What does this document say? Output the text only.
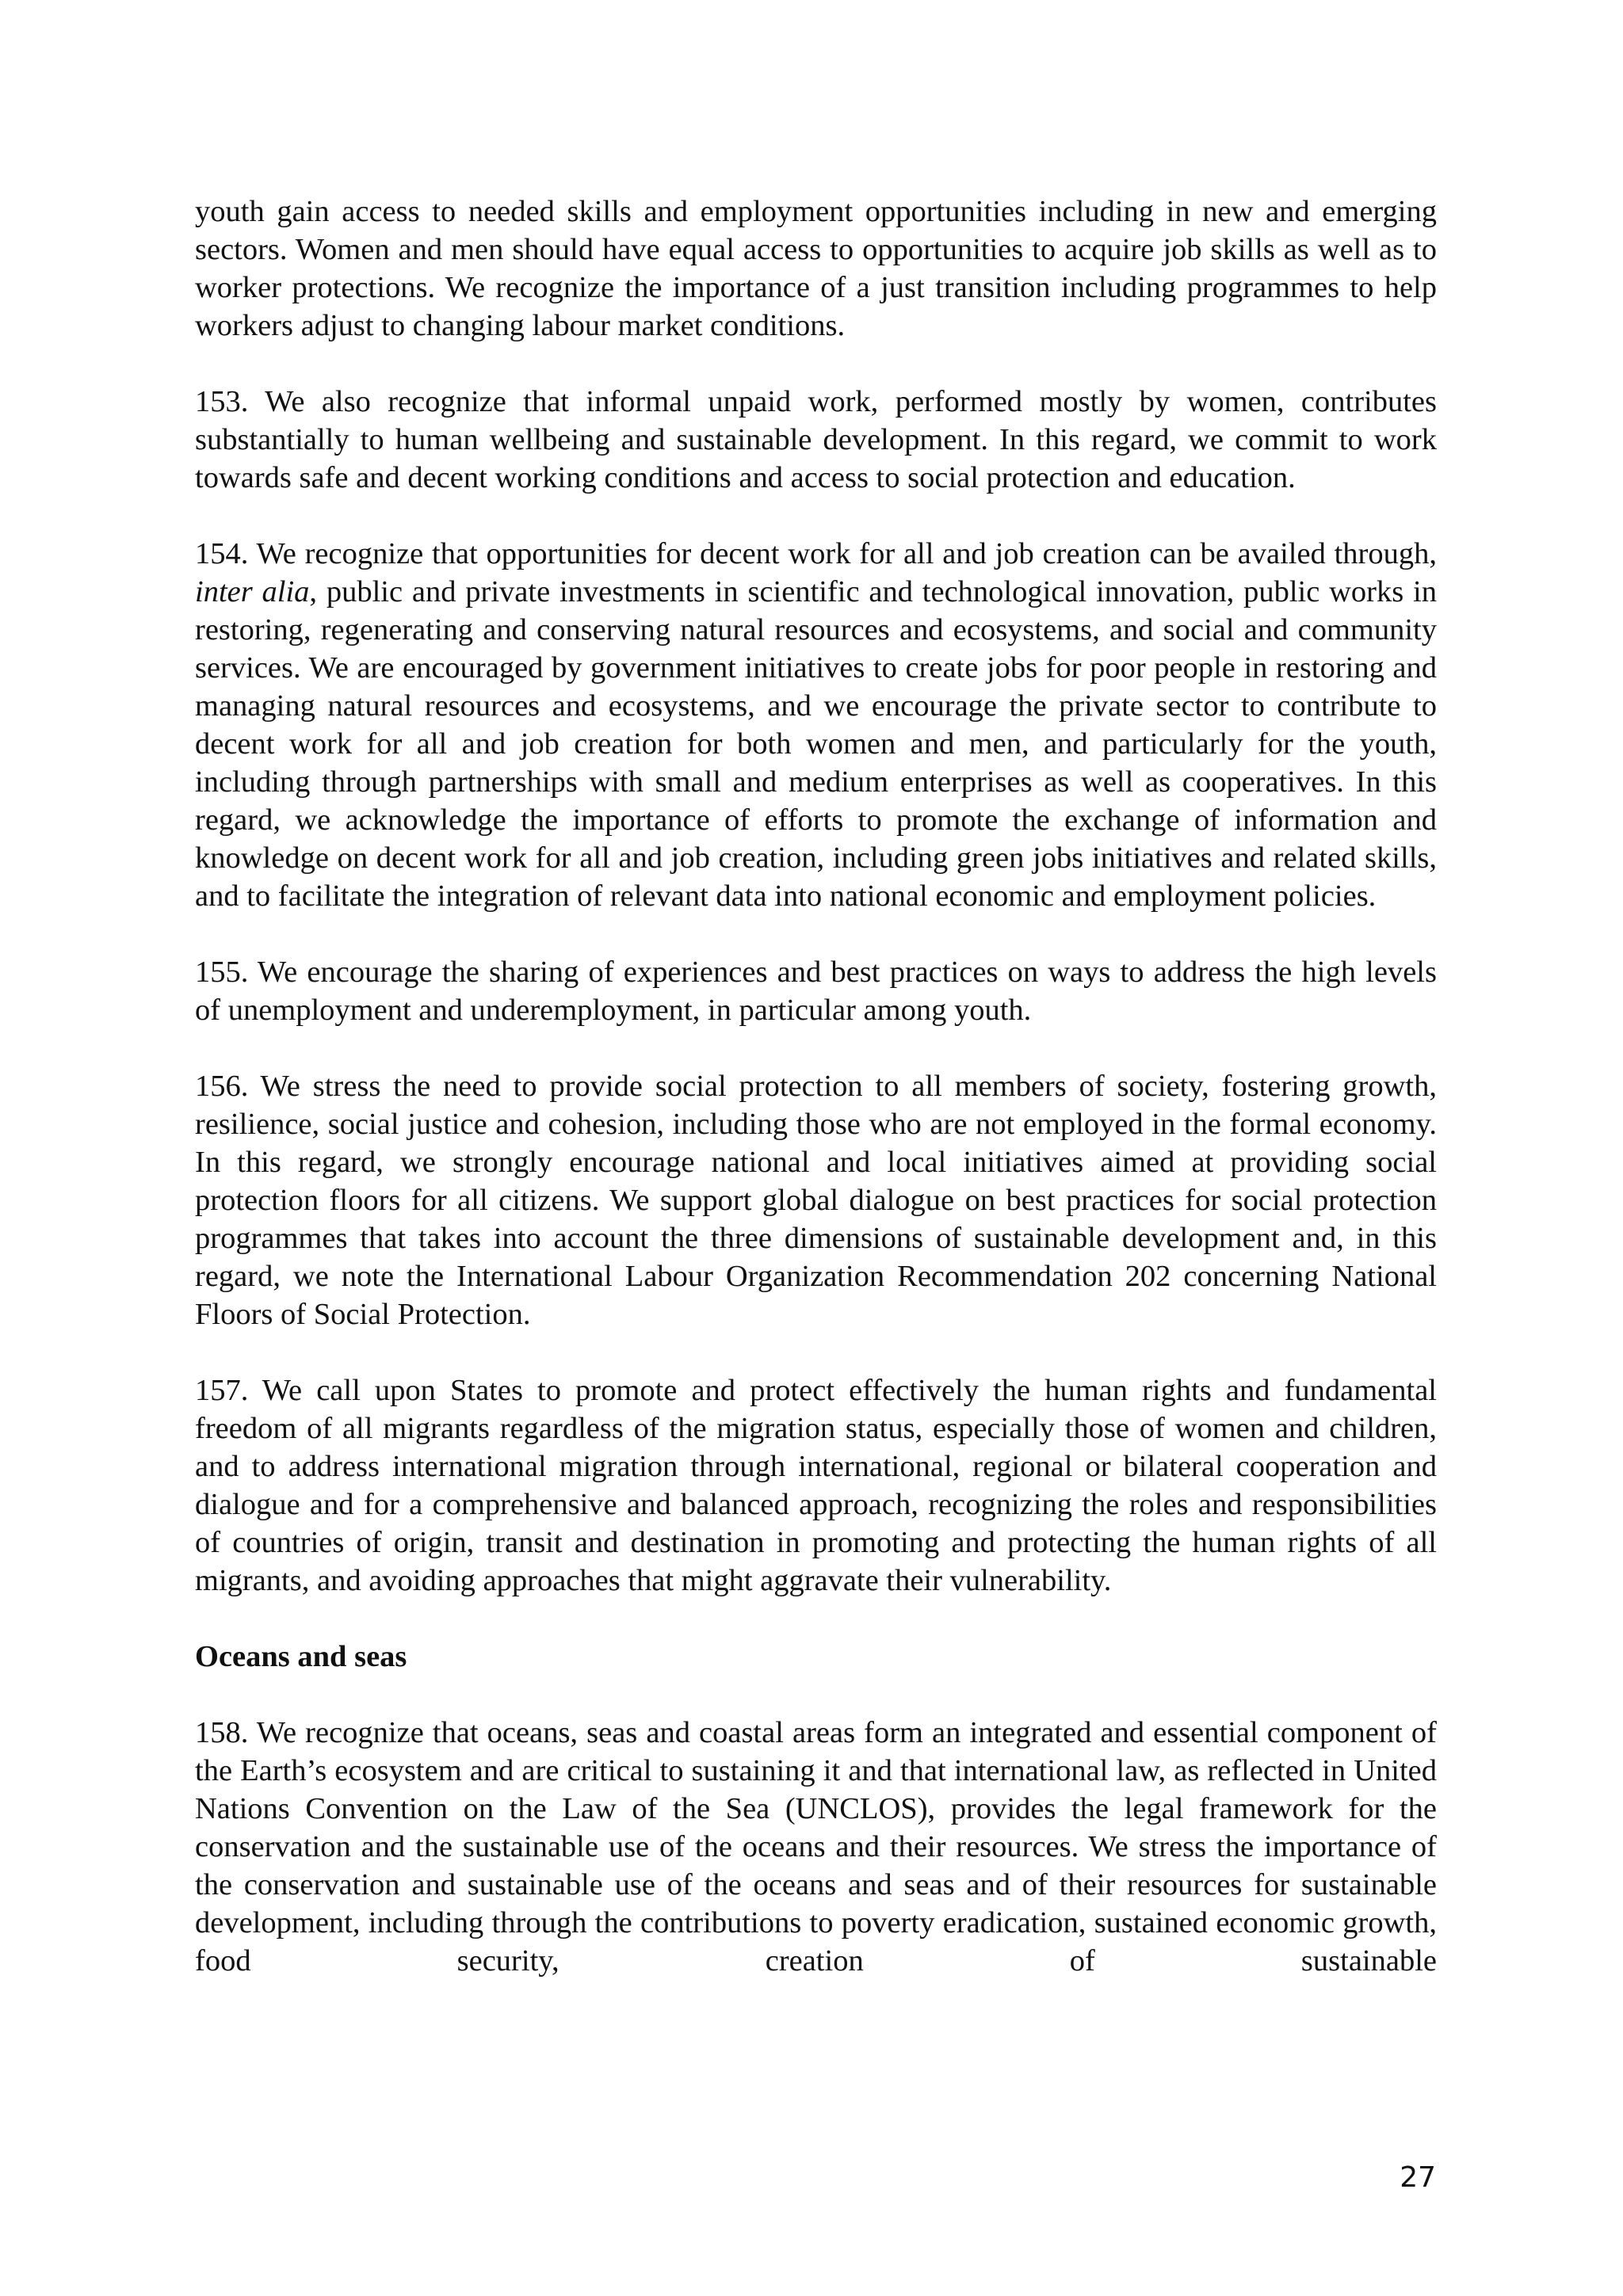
youth gain access to needed skills and employment opportunities including in new and emerging sectors. Women and men should have equal access to opportunities to acquire job skills as well as to worker protections. We recognize the importance of a just transition including programmes to help workers adjust to changing labour market conditions.

153. We also recognize that informal unpaid work, performed mostly by women, contributes substantially to human wellbeing and sustainable development. In this regard, we commit to work towards safe and decent working conditions and access to social protection and education.

154. We recognize that opportunities for decent work for all and job creation can be availed through, inter alia, public and private investments in scientific and technological innovation, public works in restoring, regenerating and conserving natural resources and ecosystems, and social and community services. We are encouraged by government initiatives to create jobs for poor people in restoring and managing natural resources and ecosystems, and we encourage the private sector to contribute to decent work for all and job creation for both women and men, and particularly for the youth, including through partnerships with small and medium enterprises as well as cooperatives. In this regard, we acknowledge the importance of efforts to promote the exchange of information and knowledge on decent work for all and job creation, including green jobs initiatives and related skills, and to facilitate the integration of relevant data into national economic and employment policies.

155. We encourage the sharing of experiences and best practices on ways to address the high levels of unemployment and underemployment, in particular among youth.

156. We stress the need to provide social protection to all members of society, fostering growth, resilience, social justice and cohesion, including those who are not employed in the formal economy. In this regard, we strongly encourage national and local initiatives aimed at providing social protection floors for all citizens. We support global dialogue on best practices for social protection programmes that takes into account the three dimensions of sustainable development and, in this regard, we note the International Labour Organization Recommendation 202 concerning National Floors of Social Protection.

157. We call upon States to promote and protect effectively the human rights and fundamental freedom of all migrants regardless of the migration status, especially those of women and children, and to address international migration through international, regional or bilateral cooperation and dialogue and for a comprehensive and balanced approach, recognizing the roles and responsibilities of countries of origin, transit and destination in promoting and protecting the human rights of all migrants, and avoiding approaches that might aggravate their vulnerability.

Oceans and seas

158. We recognize that oceans, seas and coastal areas form an integrated and essential component of the Earth’s ecosystem and are critical to sustaining it and that international law, as reflected in United Nations Convention on the Law of the Sea (UNCLOS), provides the legal framework for the conservation and the sustainable use of the oceans and their resources. We stress the importance of the conservation and sustainable use of the oceans and seas and of their resources for sustainable development, including through the contributions to poverty eradication, sustained economic growth, food security, creation of sustainable

27
